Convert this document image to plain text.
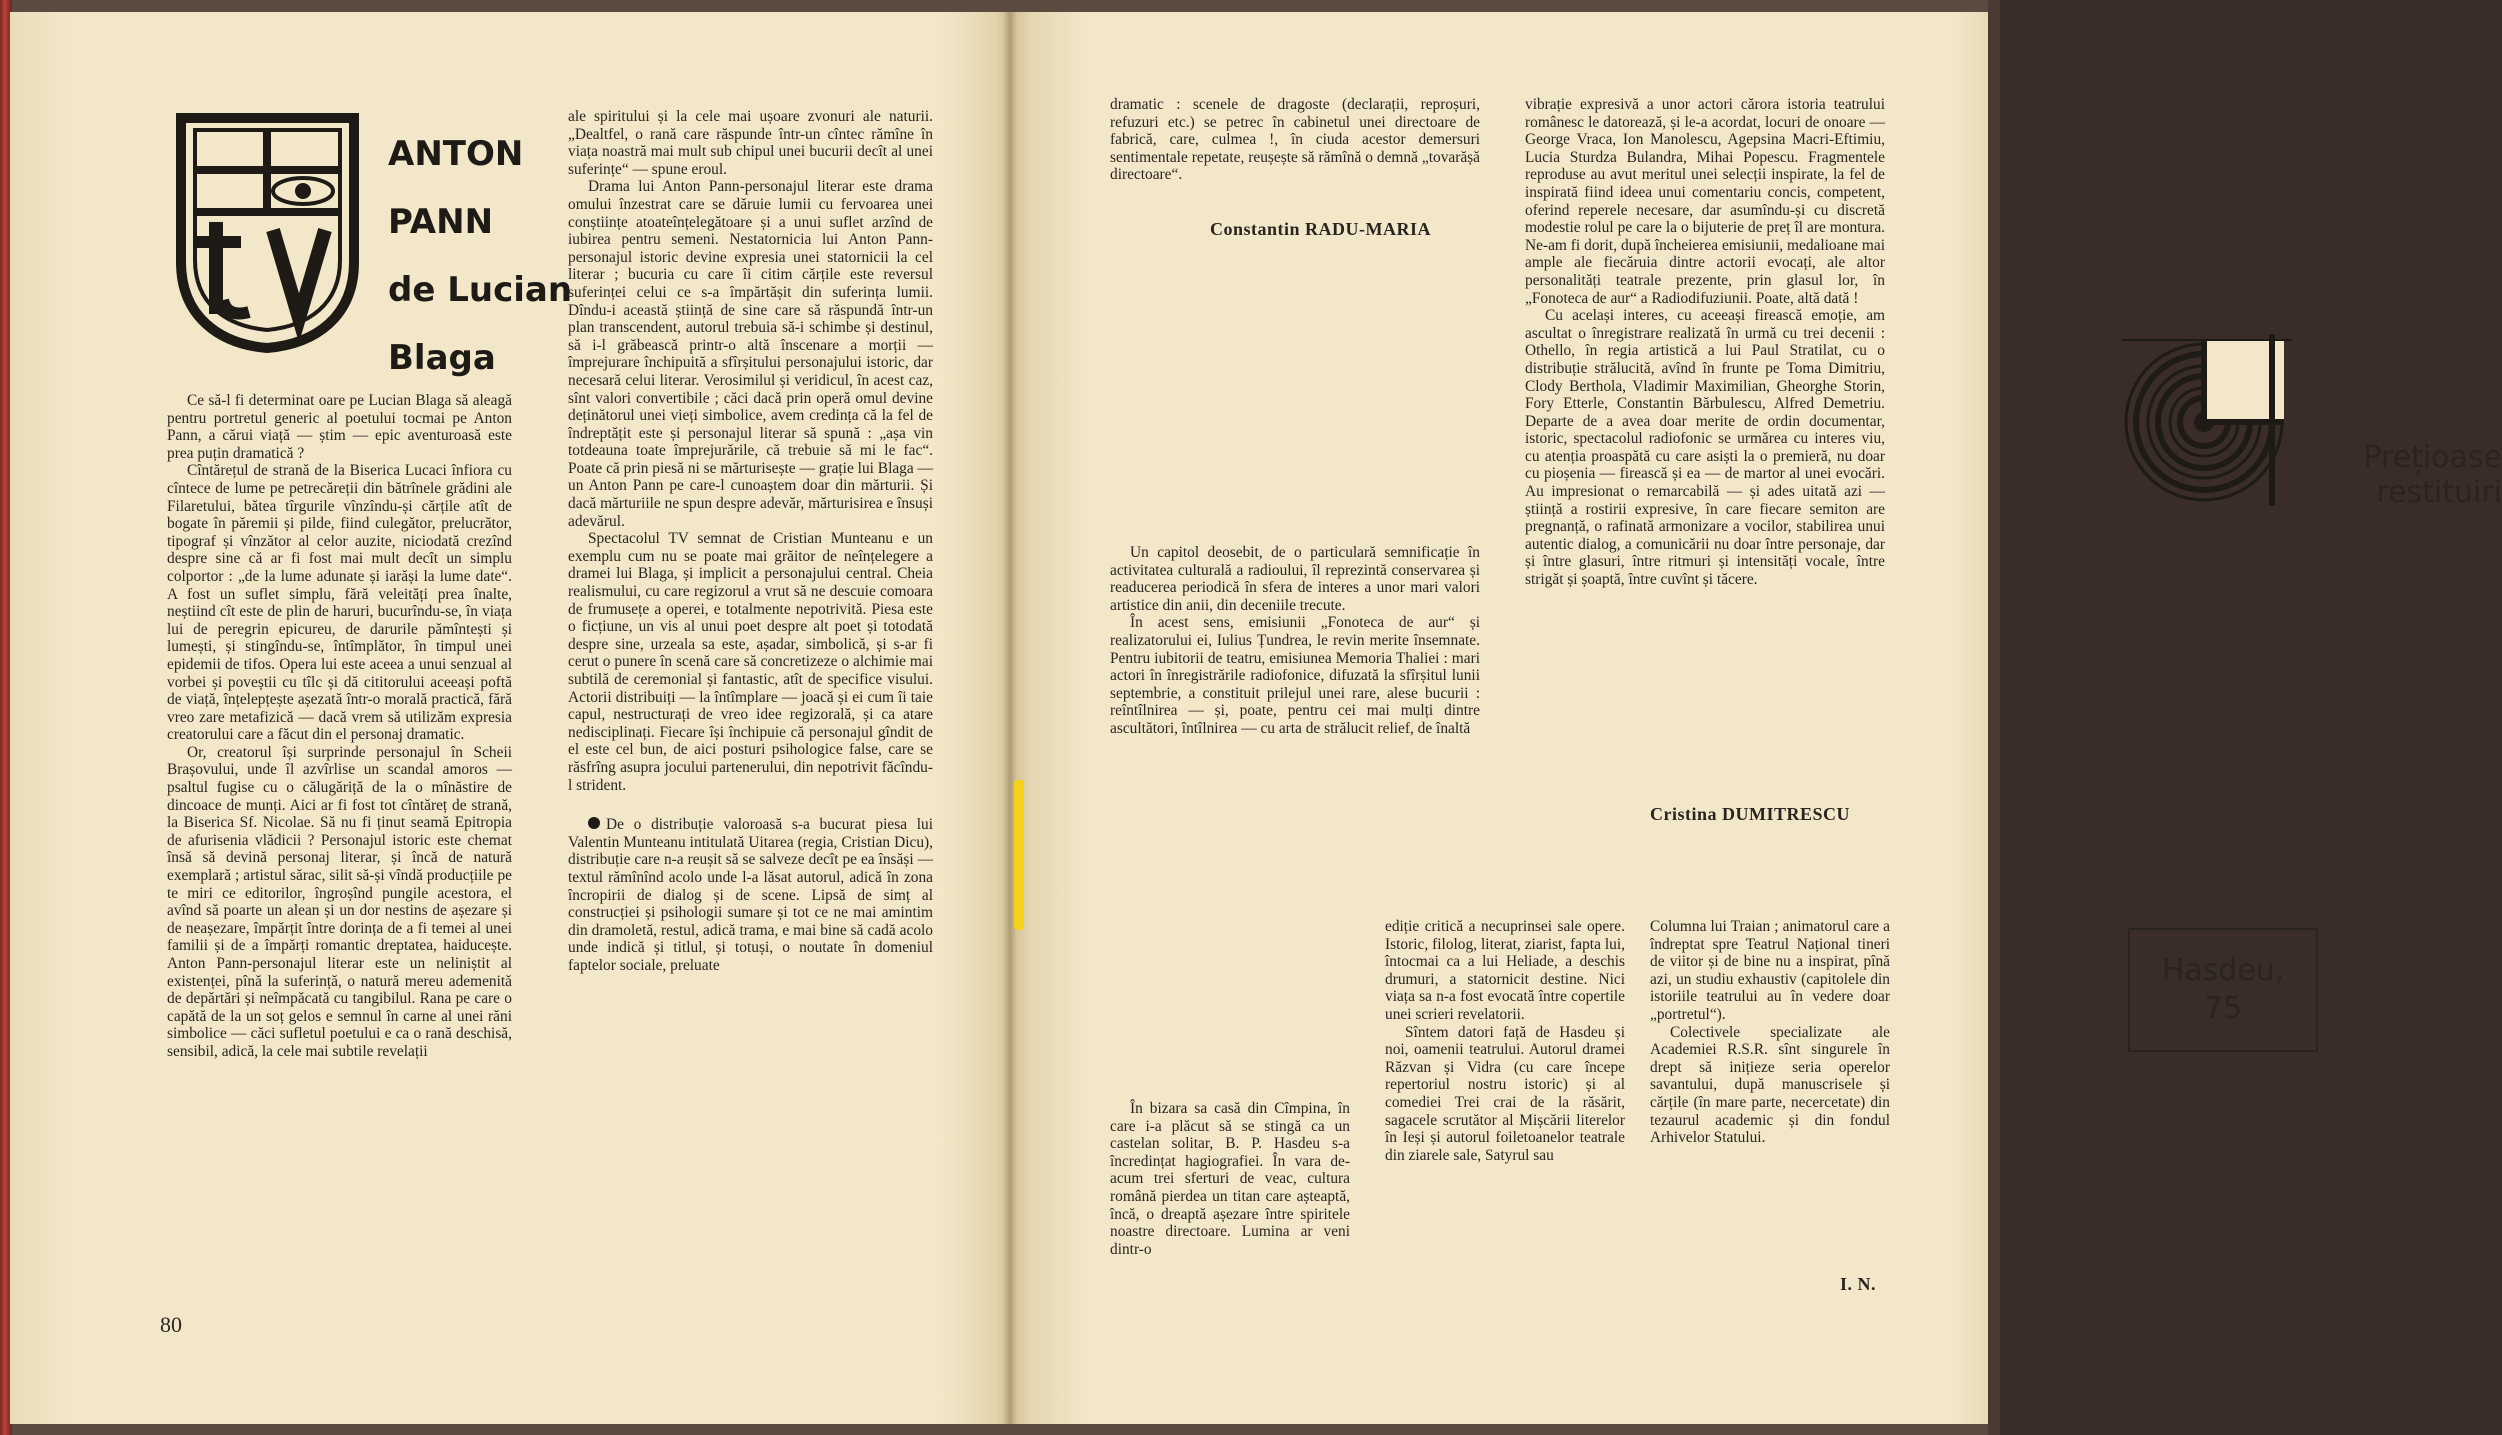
tv
ANTON
PANN
de Lucian
Blaga

Ce să-l fi determinat oare pe Lucian Blaga să aleagă pentru portretul generic al poetului tocmai pe Anton Pann, a cărui viață — știm — epic aventuroasă este prea puțin dramatică ?

Cîntărețul de strană de la Biserica Lucaci înfiora cu cîntece de lume pe petrecăreții din bătrînele grădini ale Filaretului, bătea tîrgurile vînzîndu-și cărțile atît de bogate în păremii și pilde, fiind culegător, prelucrător, tipograf și vînzător al celor auzite, niciodată crezînd despre sine că ar fi fost mai mult decît un simplu colportor : „de la lume adunate și iarăși la lume date“. A fost un suflet simplu, fără veleități prea înalte, neștiind cît este de plin de haruri, bucurîndu-se, în viața lui de peregrin epicureu, de darurile pămîntești și lumești, și stingîndu-se, întîmplător, în timpul unei epidemii de tifos. Opera lui este aceea a unui senzual al vorbei și poveștii cu tîlc și dă cititorului aceeași poftă de viață, înțelepțește așezată într-o morală practică, fără vreo zare metafizică — dacă vrem să utilizăm expresia creatorului care a făcut din el personaj dramatic.

Or, creatorul își surprinde personajul în Scheii Brașovului, unde îl azvîrlise un scandal amoros — psaltul fugise cu o călugăriță de la o mînăstire de dincoace de munți. Aici ar fi fost tot cîntăreț de strană, la Biserica Sf. Nicolae. Să nu fi ținut seamă Epitropia de afurisenia vlădicii ? Personajul istoric este chemat însă să devină personaj literar, și încă de natură exemplară ; artistul sărac, silit să-și vîndă producțiile pe te miri ce editorilor, îngroșînd pungile acestora, el avînd să poarte un alean și un dor nestins de așezare și de neașezare, împărțit între dorința de a fi temei al unei familii și de a împărți romantic dreptatea, haiducește. Anton Pann-personajul literar este un neliniștit al existenței, pînă la suferință, o natură mereu ademenită de depărtări și neîmpăcată cu tangibilul. Rana pe care o capătă de la un soț gelos e semnul în carne al unei răni simbolice — căci sufletul poetului e ca o rană deschisă, sensibil, adică, la cele mai subtile revelații

ale spiritului și la cele mai ușoare zvonuri ale naturii. „Dealtfel, o rană care răspunde într-un cîntec rămîne în viața noastră mai mult sub chipul unei bucurii decît al unei suferințe“ — spune eroul.

Drama lui Anton Pann-personajul literar este drama omului înzestrat care se dăruie lumii cu fervoarea unei conștiințe atoateînțelegătoare și a unui suflet arzînd de iubirea pentru semeni. Nestatornicia lui Anton Pann-personajul istoric devine expresia unei statornicii la cel literar ; bucuria cu care îi citim cărțile este reversul suferinței celui ce s-a împărtășit din suferința lumii. Dîndu-i această știință de sine care să răspundă într-un plan transcendent, autorul trebuia să-i schimbe și destinul, să i-l grăbească printr-o altă înscenare a morții — împrejurare închipuită a sfîrșitului personajului istoric, dar necesară celui literar. Verosimilul și veridicul, în acest caz, sînt valori convertibile ; căci dacă prin operă omul devine deținătorul unei vieți simbolice, avem credința că la fel de îndreptățit este și personajul literar să spună : „așa vin totdeauna toate împrejurările, că trebuie să mi le fac“. Poate că prin piesă ni se mărturisește — grație lui Blaga — un Anton Pann pe care-l cunoaștem doar din mărturii. Și dacă mărturiile ne spun despre adevăr, mărturisirea e însuși adevărul.

Spectacolul TV semnat de Cristian Munteanu e un exemplu cum nu se poate mai grăitor de neînțelegere a dramei lui Blaga, și implicit a personajului central. Cheia realismului, cu care regizorul a vrut să ne descuie comoara de frumusețe a operei, e totalmente nepotrivită. Piesa este o ficțiune, un vis al unui poet despre alt poet și totodată despre sine, urzeala sa este, așadar, simbolică, și s-ar fi cerut o punere în scenă care să concretizeze o alchimie mai subtilă de ceremonial și fantastic, atît de specifice visului. Actorii distribuiți — la întîmplare — joacă și ei cum îi taie capul, nestructurați de vreo idee regizorală, și ca atare nedisciplinați. Fiecare își închipuie că personajul gîndit de el este cel bun, de aici posturi psihologice false, care se răsfrîng asupra jocului partenerului, din nepotrivit făcîndu-l strident.

De o distribuție valoroasă s-a bucurat piesa lui Valentin Munteanu intitulată Uitarea (regia, Cristian Dicu), distribuție care n-a reușit să se salveze decît pe ea însăși — textul rămînînd acolo unde l-a lăsat autorul, adică în zona încropirii de dialog și de scene. Lipsă de simț al construcției și psihologii sumare și tot ce ne mai amintim din dramoletă, restul, adică trama, e mai bine să cadă acolo unde indică și titlul, și totuși, o noutate în domeniul faptelor sociale, preluate

80

dramatic : scenele de dragoste (declarații, reproșuri, refuzuri etc.) se petrec în cabinetul unei directoare de fabrică, care, culmea !, în ciuda acestor demersuri sentimentale repetate, reușește să rămînă o demnă „tovarășă directoare“.

Constantin RADU-MARIA
Prețioase restituiri

Un capitol deosebit, de o particulară semnificație în activitatea culturală a radioului, îl reprezintă conservarea și readucerea periodică în sfera de interes a unor mari valori artistice din anii, din deceniile trecute.

În acest sens, emisiunii „Fonoteca de aur“ și realizatorului ei, Iulius Țundrea, le revin merite însemnate. Pentru iubitorii de teatru, emisiunea Memoria Thaliei : mari actori în înregistrările radiofonice, difuzată la sfîrșitul lunii septembrie, a constituit prilejul unei rare, alese bucurii : reîntîlnirea — și, poate, pentru cei mai mulți dintre ascultători, întîlnirea — cu arta de strălucit relief, de înaltă

vibrație expresivă a unor actori cărora istoria teatrului românesc le datorează, și le-a acordat, locuri de onoare — George Vraca, Ion Manolescu, Agepsina Macri-Eftimiu, Lucia Sturdza Bulandra, Mihai Popescu. Fragmentele reproduse au avut meritul unei selecții inspirate, la fel de inspirată fiind ideea unui comentariu concis, competent, oferind reperele necesare, dar asumîndu-și cu discretă modestie rolul pe care la o bijuterie de preț îl are montura. Ne-am fi dorit, după încheierea emisiunii, medalioane mai ample ale fiecăruia dintre actorii evocați, ale altor personalități teatrale prezente, prin glasul lor, în „Fonoteca de aur“ a Radiodifuziunii. Poate, altă dată !

Cu același interes, cu aceeași firească emoție, am ascultat o înregistrare realizată în urmă cu trei decenii : Othello, în regia artistică a lui Paul Stratilat, cu o distribuție strălucită, avînd în frunte pe Toma Dimitriu, Clody Berthola, Vladimir Maximilian, Gheorghe Storin, Fory Etterle, Constantin Bărbulescu, Alfred Demetriu. Departe de a avea doar merite de ordin documentar, istoric, spectacolul radiofonic se urmărea cu interes viu, cu atenția proaspătă cu care asiști la o premieră, nu doar cu pioșenia — firească și ea — de martor al unei evocări. Au impresionat o remarcabilă — și ades uitată azi — știință a rostirii expresive, în care fiecare semiton are pregnanță, o rafinată armonizare a vocilor, stabilirea unui autentic dialog, a comunicării nu doar între personaje, dar și între glasuri, între ritmuri și intensități vocale, între strigăt și șoaptă, între cuvînt și tăcere.

Cristina DUMITRESCU
Hasdeu,
75

În bizara sa casă din Cîmpina, în care i-a plăcut să se stingă ca un castelan solitar, B. P. Hasdeu s-a încredințat hagiografiei. În vara de-acum trei sferturi de veac, cultura română pierdea un titan care așteaptă, încă, o dreaptă așezare între spiritele noastre directoare. Lumina ar veni dintr-o

ediție critică a necuprinsei sale opere. Istoric, filolog, literat, ziarist, fapta lui, întocmai ca a lui Heliade, a deschis drumuri, a statornicit destine. Nici viața sa n-a fost evocată între copertile unei scrieri revelatorii.

Sîntem datori față de Hasdeu și noi, oamenii teatrului. Autorul dramei Răzvan și Vidra (cu care începe repertoriul nostru istoric) și al comediei Trei crai de la răsărit, sagacele scrutător al Mișcării literelor în Ieși și autorul foiletoanelor teatrale din ziarele sale, Satyrul sau

Columna lui Traian ; animatorul care a îndreptat spre Teatrul Național tineri de viitor și de bine nu a inspirat, pînă azi, un studiu exhaustiv (capitolele din istoriile teatrului au în vedere doar „portretul“).

Colectivele specializate ale Academiei R.S.R. sînt singurele în drept să inițieze seria operelor savantului, după manuscrisele și cărțile (în mare parte, necercetate) din tezaurul academic și din fondul Arhivelor Statului.

I. N.
